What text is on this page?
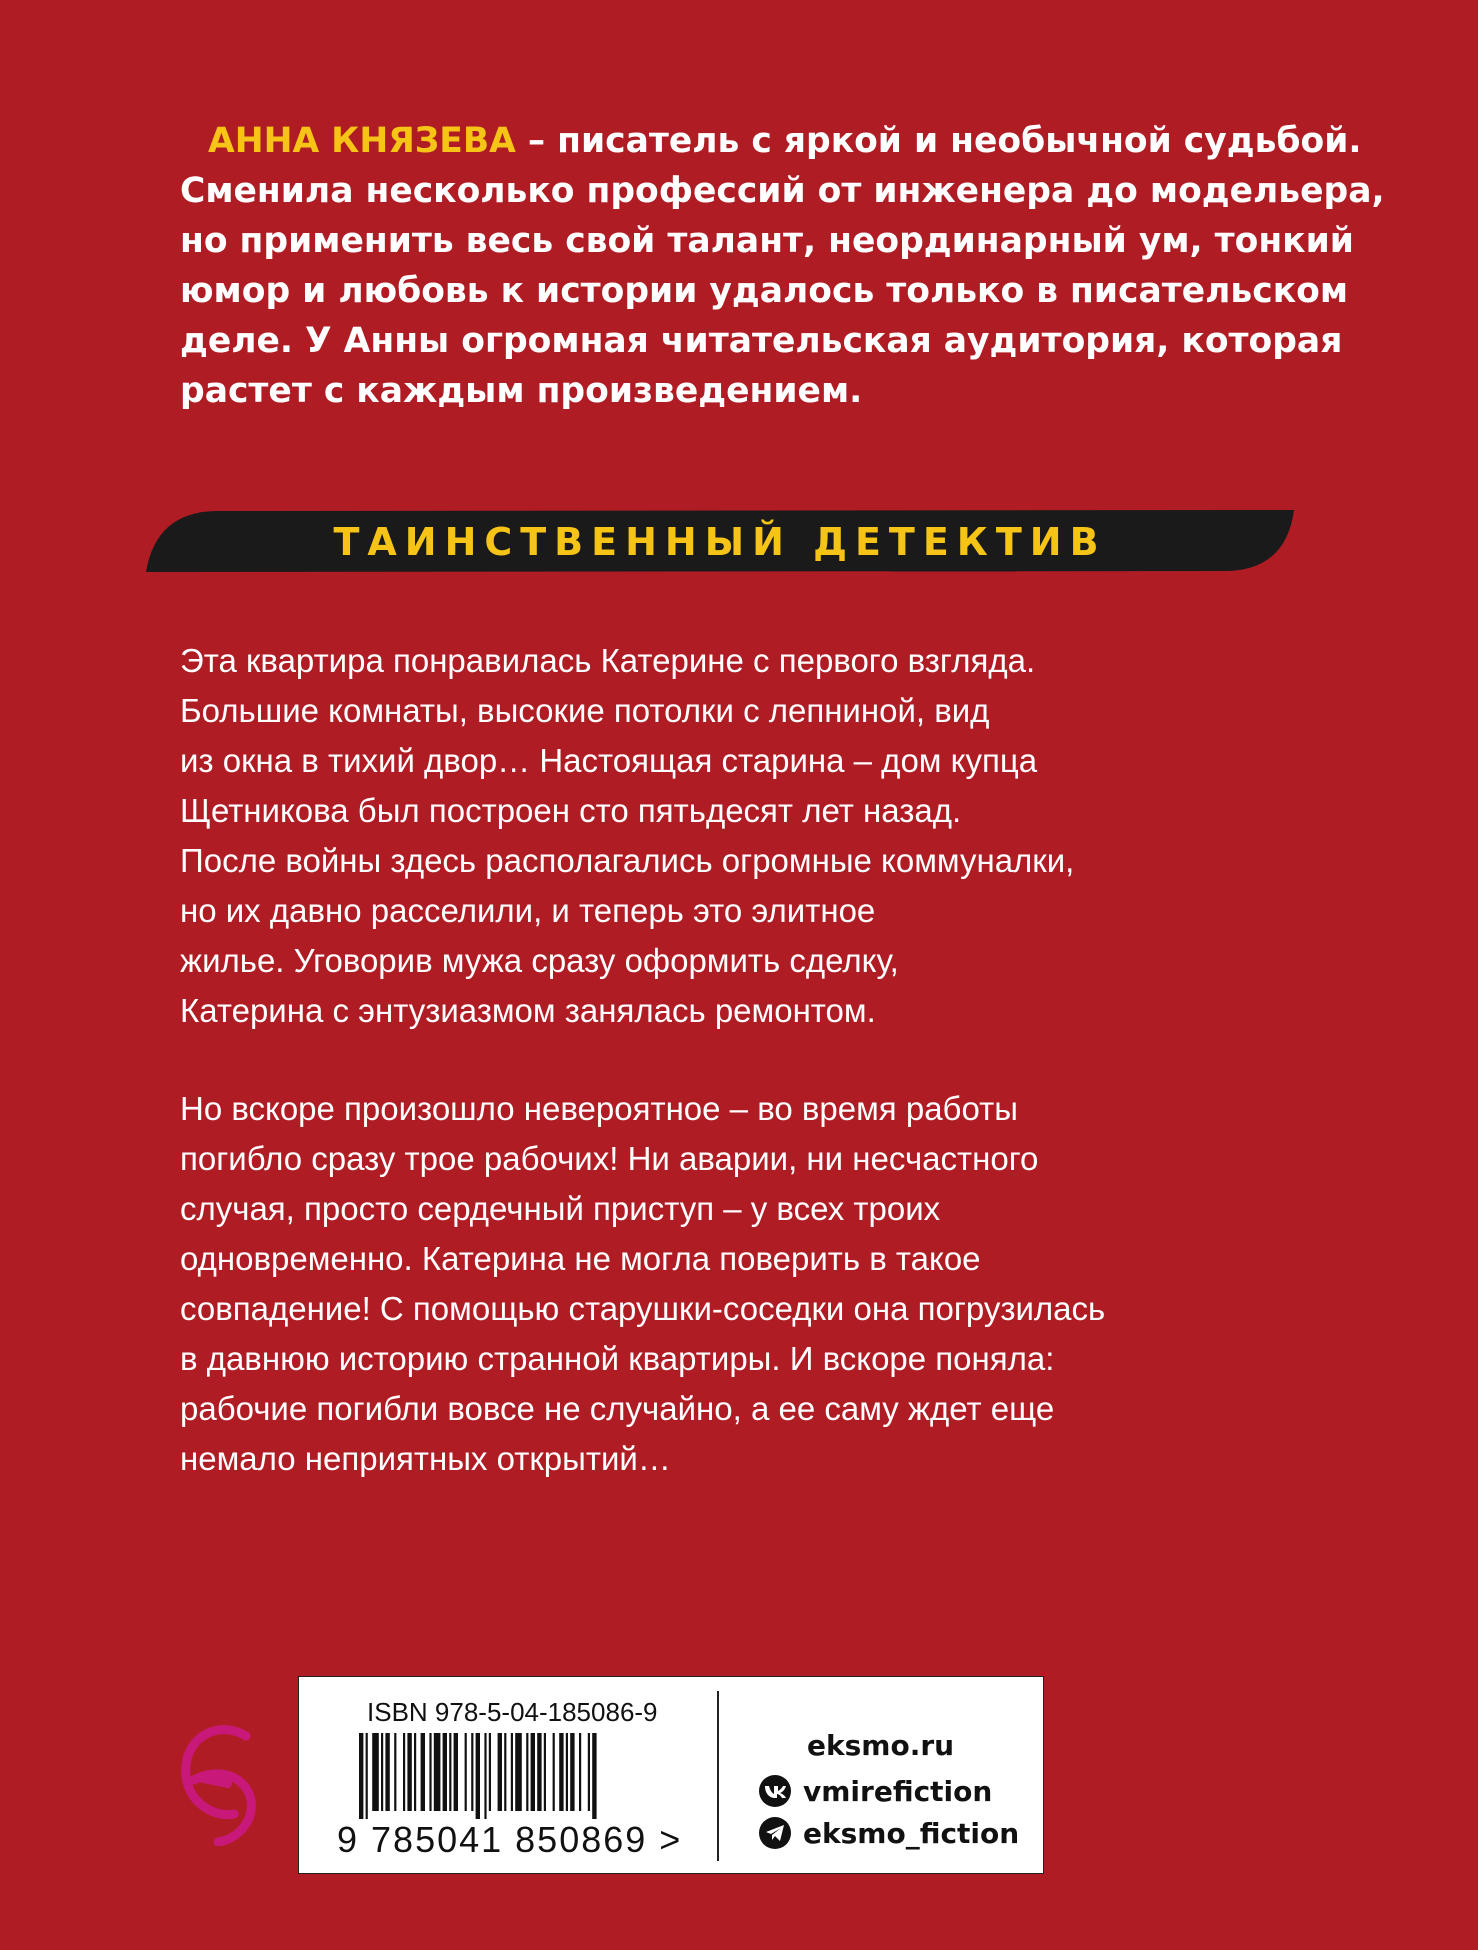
АННА КНЯЗЕВА – писатель с яркой и необычной судьбой.
Сменила несколько профессий от инженера до модельера,
но применить весь свой талант, неординарный ум, тонкий
юмор и любовь к истории удалось только в писательском
деле. У Анны огромная читательская аудитория, которая
растет с каждым произведением.

ТАИНСТВЕННЫЙ ДЕТЕКТИВ

Эта квартира понравилась Катерине с первого взгляда.
Большие комнаты, высокие потолки с лепниной, вид
из окна в тихий двор… Настоящая старина – дом купца
Щетникова был построен сто пятьдесят лет назад.
После войны здесь располагались огромные коммуналки,
но их давно расселили, и теперь это элитное
жилье. Уговорив мужа сразу оформить сделку,
Катерина с энтузиазмом занялась ремонтом.

Но вскоре произошло невероятное – во время работы
погибло сразу трое рабочих! Ни аварии, ни несчастного
случая, просто сердечный приступ – у всех троих
одновременно. Катерина не могла поверить в такое
совпадение! С помощью старушки-соседки она погрузилась
в давнюю историю странной квартиры. И вскоре поняла:
рабочие погибли вовсе не случайно, а ее саму ждет еще
немало неприятных открытий…

ISBN 978-5-04-185086-9
9 785041 850869 >
eksmo.ru
vmirefiction
eksmo_fiction
